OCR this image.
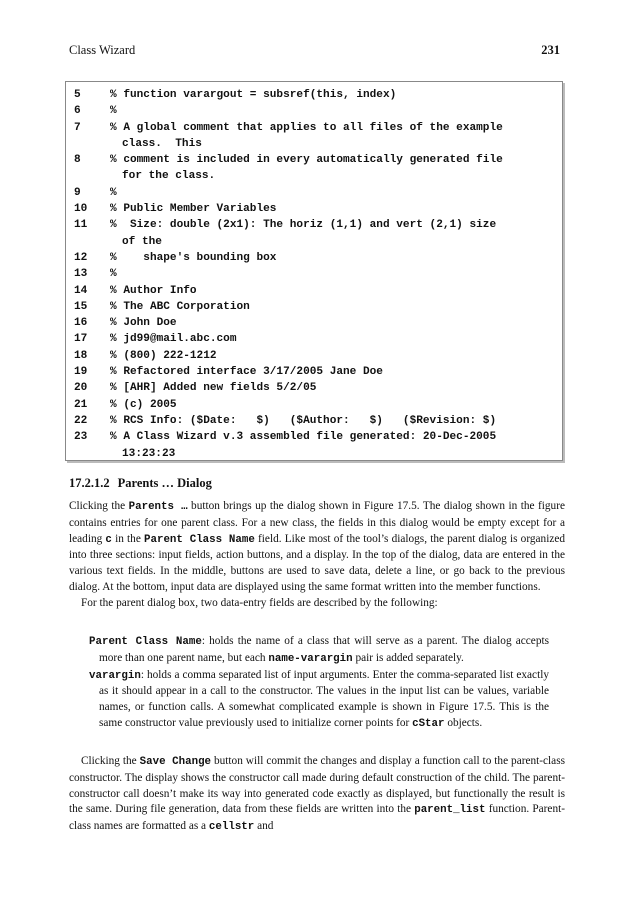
Class Wizard	231
5	% function varargout = subsref(this, index)
6	%
7	% A global comment that applies to all files of the example
class.  This
8	% comment is included in every automatically generated file
for the class.
9	%
10	% Public Member Variables
11	%  Size: double (2x1): The horiz (1,1) and vert (2,1) size
of the
12	%    shape's bounding box
13	%
14	% Author Info
15	% The ABC Corporation
16	% John Doe
17	% jd99@mail.abc.com
18	% (800) 222-1212
19	% Refactored interface 3/17/2005 Jane Doe
20	% [AHR] Added new fields 5/2/05
21	% (c) 2005
22	% RCS Info: ($Date:   $)   ($Author:   $)   ($Revision: $)
23	% A Class Wizard v.3 assembled file generated: 20-Dec-2005
13:23:23
17.2.1.2 Parents … Dialog

Clicking the Parents … button brings up the dialog shown in Figure 17.5. The dialog shown in the figure contains entries for one parent class. For a new class, the fields in this dialog would be empty except for a leading c in the Parent Class Name field. Like most of the tool’s dialogs, the parent dialog is organized into three sections: input fields, action buttons, and a display. In the top of the dialog, data are entered in the various text fields. In the middle, buttons are used to save data, delete a line, or go back to the previous dialog. At the bottom, input data are displayed using the same format written into the member functions.

For the parent dialog box, two data-entry fields are described by the following:

Parent Class Name: holds the name of a class that will serve as a parent. The dialog accepts more than one parent name, but each name-varargin pair is added separately.

varargin: holds a comma separated list of input arguments. Enter the comma-separated list exactly as it should appear in a call to the constructor. The values in the input list can be values, variable names, or function calls. A somewhat complicated example is shown in Figure 17.5. This is the same constructor value previously used to initialize corner points for cStar objects.

Clicking the Save Change button will commit the changes and display a function call to the parent-class constructor. The display shows the constructor call made during default construction of the child. The parent-constructor call doesn’t make its way into generated code exactly as displayed, but functionally the result is the same. During file generation, data from these fields are written into the parent_list function. Parent-class names are formatted as a cellstr and
